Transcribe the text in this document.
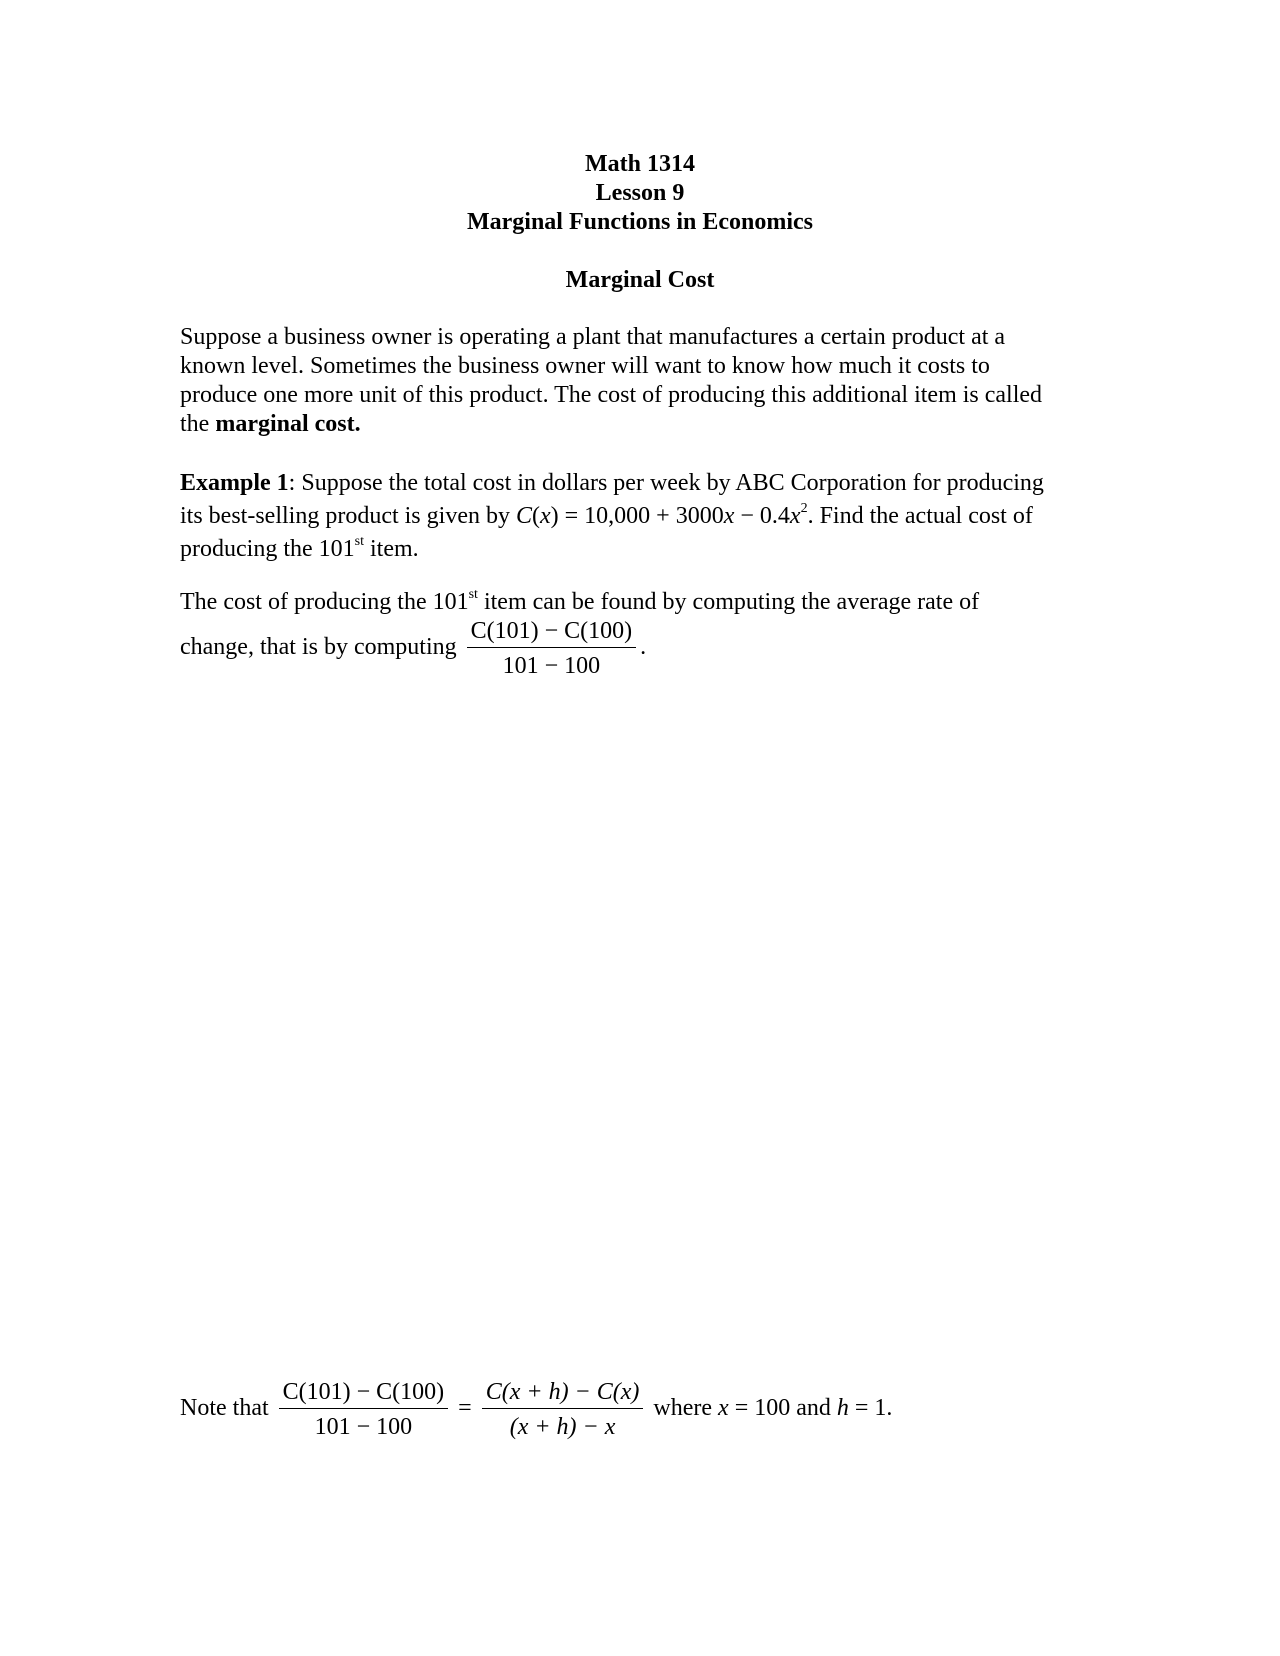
Math 1314
Lesson 9
Marginal Functions in Economics
Marginal Cost
Suppose a business owner is operating a plant that manufactures a certain product at a
known level. Sometimes the business owner will want to know how much it costs to
produce one more unit of this product. The cost of producing this additional item is called
the marginal cost.
Example 1: Suppose the total cost in dollars per week by ABC Corporation for producing
its best-selling product is given by $C(x) = 10,000 + 3000x - 0.4x^2$. Find the actual cost of
producing the 101st item.
The cost of producing the 101st item can be found by computing the average rate of
change, that is by computing $\frac{C(101) - C(100)}{101 - 100}$ .
Note that $\frac{C(101) - C(100)}{101 - 100} = \frac{C(x + h) - C(x)}{(x + h) - x}$ where x = 100 and h = 1.
